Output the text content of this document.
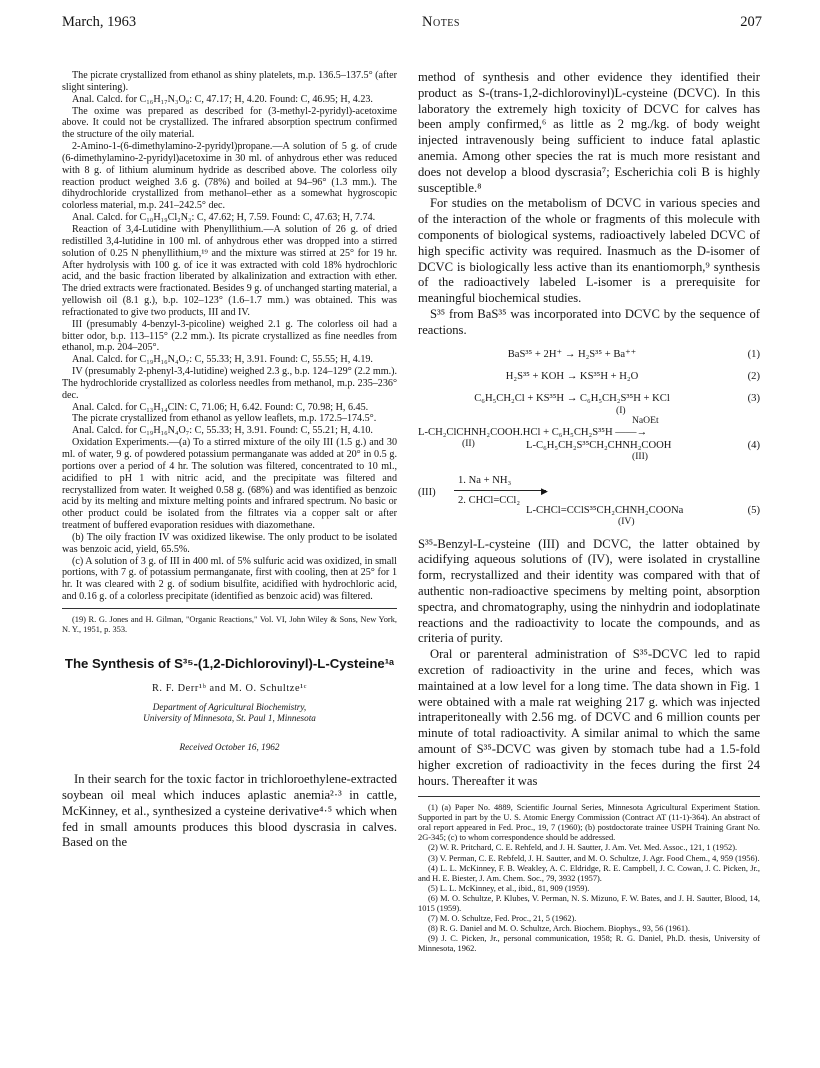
March, 1963	Notes	207

The picrate crystallized from ethanol as shiny platelets, m.p. 136.5–137.5° (after slight sintering).

Anal. Calcd. for C₁₆H₁₇N₃O₈: C, 47.17; H, 4.20. Found: C, 46.95; H, 4.23.

The oxime was prepared as described for (3-methyl-2-pyridyl)-acetoxime above. It could not be crystallized. The infrared absorption spectrum confirmed the structure of the oily material.

2-Amino-1-(6-dimethylamino-2-pyridyl)propane.—A solution of 5 g. of crude (6-dimethylamino-2-pyridyl)acetoxime in 30 ml. of anhydrous ether was reduced with 8 g. of lithium aluminum hydride as described above. The colorless oily reaction product weighed 3.6 g. (78%) and boiled at 94–96° (1.3 mm.). The dihydrochloride crystallized from methanol–ether as a somewhat hygroscopic colorless material, m.p. 241–242.5° dec.

Anal. Calcd. for C₁₀H₁₉Cl₂N₃: C, 47.62; H, 7.59. Found: C, 47.63; H, 7.74.

Reaction of 3,4-Lutidine with Phenyllithium.—A solution of 26 g. of dried redistilled 3,4-lutidine in 100 ml. of anhydrous ether was dropped into a stirred solution of 0.25 N phenyllithium,¹⁹ and the mixture was stirred at 25° for 19 hr. After hydrolysis with 100 g. of ice it was extracted with cold 18% hydrochloric acid, and the basic fraction liberated by alkalinization and extraction with ether. The dried extracts were fractionated. Besides 9 g. of unchanged starting material, a yellowish oil (8.1 g.), b.p. 102–123° (1.6–1.7 mm.) was obtained. This was refractionated to give two products, III and IV.

III (presumably 4-benzyl-3-picoline) weighed 2.1 g. The colorless oil had a bitter odor, b.p. 113–115° (2.2 mm.). Its picrate crystallized as fine needles from ethanol, m.p. 204–205°.

Anal. Calcd. for C₁₉H₁₆N₄O₇: C, 55.33; H, 3.91. Found: C, 55.55; H, 4.19.

IV (presumably 2-phenyl-3,4-lutidine) weighed 2.3 g., b.p. 124–129° (2.2 mm.). The hydrochloride crystallized as colorless needles from methanol, m.p. 235–236° dec.

Anal. Calcd. for C₁₃H₁₄ClN: C, 71.06; H, 6.42. Found: C, 70.98; H, 6.45.

The picrate crystallized from ethanol as yellow leaflets, m.p. 172.5–174.5°.

Anal. Calcd. for C₁₉H₁₆N₄O₇: C, 55.33; H, 3.91. Found: C, 55.21; H, 4.10.

Oxidation Experiments.—(a) To a stirred mixture of the oily III (1.5 g.) and 30 ml. of water, 9 g. of powdered potassium permanganate was added at 20° in 0.5 g. portions over a period of 4 hr. The solution was filtered, concentrated to 10 ml., acidified to pH 1 with nitric acid, and the precipitate was filtered and recrystallized from water. It weighed 0.58 g. (68%) and was identified as benzoic acid by its melting and mixture melting points and infrared spectrum. No basic or other product could be isolated from the filtrates via a copper salt or after treatment of buffered evaporation residues with diazomethane.

(b) The oily fraction IV was oxidized likewise. The only product to be isolated was benzoic acid, yield, 65.5%.

(c) A solution of 3 g. of III in 400 ml. of 5% sulfuric acid was oxidized, in small portions, with 7 g. of potassium permanganate, first with cooling, then at 25° for 1 hr. It was cleared with 2 g. of sodium bisulfite, acidified with hydrochloric acid, and 0.16 g. of a colorless precipitate (identified as benzoic acid) was filtered.

(19) R. G. Jones and H. Gilman, "Organic Reactions," Vol. VI, John Wiley & Sons, New York, N. Y., 1951, p. 353.

The Synthesis of S³⁵-(1,2-Dichlorovinyl)-L-Cysteine¹ᵃ
R. F. Derr¹ᵇ and M. O. Schultze¹ᶜ

Department of Agricultural Biochemistry,

University of Minnesota, St. Paul 1, Minnesota

Received October 16, 1962

In their search for the toxic factor in trichloroethylene-extracted soybean oil meal which induces aplastic anemia²·³ in cattle, McKinney, et al., synthesized a cysteine derivative⁴·⁵ which when fed in small amounts produces this blood dyscrasia in calves. Based on the

method of synthesis and other evidence they identified their product as S-(trans-1,2-dichlorovinyl)L-cysteine (DCVC). In this laboratory the extremely high toxicity of DCVC for calves has been amply confirmed,⁶ as little as 2 mg./kg. of body weight injected intravenously being sufficient to induce fatal aplastic anemia. Among other species the rat is much more resistant and does not develop a blood dyscrasia⁷; Escherichia coli B is highly susceptible.⁸

For studies on the metabolism of DCVC in various species and of the interaction of the whole or fragments of this molecule with components of biological systems, radioactively labeled DCVC of high specific activity was required. Inasmuch as the D-isomer of DCVC is biologically less active than its enantiomorph,⁹ synthesis of the radioactively labeled L-isomer is a prerequisite for meaningful biochemical studies.

S³⁵ from BaS³⁵ was incorporated into DCVC by the sequence of reactions.

BaS³⁵ + 2H⁺ → H₂S³⁵ + Ba⁺⁺	(1)
H₂S³⁵ + KOH → KS³⁵H + H₂O	(2)
C₆H₅CH₂Cl + KS³⁵H → C₆H₅CH₂S³⁵H + KCl
(I)
(3)
NaOEt
L-CH₂ClCHNH₂COOH.HCl + C₆H₅CH₂S³⁵H ——→
(II)	L-C₆H₅CH₂S³⁵CH₂CHNH₂COOH
(III)
(4)
(III)
1. Na + NH₃
▶
2. CHCl=CCl₂
L-CHCl=CClS³⁵CH₂CHNH₂COONa
(IV)
(5)

S³⁵-Benzyl-L-cysteine (III) and DCVC, the latter obtained by acidifying aqueous solutions of (IV), were isolated in crystalline form, recrystallized and their identity was compared with that of authentic non-radioactive specimens by melting point, absorption spectra, and chromatography, using the ninhydrin and iodoplatinate reactions and the radioactivity to locate the compounds, and as criteria of purity.

Oral or parenteral administration of S³⁵-DCVC led to rapid excretion of radioactivity in the urine and feces, which was maintained at a low level for a long time. The data shown in Fig. 1 were obtained with a male rat weighing 217 g. which was injected intraperitoneally with 2.56 mg. of DCVC and 6 million counts per minute of total radioactivity. A similar animal to which the same amount of S³⁵-DCVC was given by stomach tube had a 1.5-fold higher excretion of radioactivity in the feces during the first 24 hours. Thereafter it was

(1) (a) Paper No. 4889, Scientific Journal Series, Minnesota Agricultural Experiment Station. Supported in part by the U. S. Atomic Energy Commission (Contract AT (11-1)-364). An abstract of oral report appeared in Fed. Proc., 19, 7 (1960); (b) postdoctorate trainee USPH Training Grant No. 2G-345; (c) to whom correspondence should be addressed.

(2) W. R. Pritchard, C. E. Rehfeld, and J. H. Sautter, J. Am. Vet. Med. Assoc., 121, 1 (1952).

(3) V. Perman, C. E. Rebfeld, J. H. Sautter, and M. O. Schultze, J. Agr. Food Chem., 4, 959 (1956).

(4) L. L. McKinney, F. B. Weakley, A. C. Eldridge, R. E. Campbell, J. C. Cowan, J. C. Picken, Jr., and H. E. Biester, J. Am. Chem. Soc., 79, 3932 (1957).

(5) L. L. McKinney, et al., ibid., 81, 909 (1959).

(6) M. O. Schultze, P. Klubes, V. Perman, N. S. Mizuno, F. W. Bates, and J. H. Sautter, Blood, 14, 1015 (1959).

(7) M. O. Schultze, Fed. Proc., 21, 5 (1962).

(8) R. G. Daniel and M. O. Schultze, Arch. Biochem. Biophys., 93, 56 (1961).

(9) J. C. Picken, Jr., personal communication, 1958; R. G. Daniel, Ph.D. thesis, University of Minnesota, 1962.
